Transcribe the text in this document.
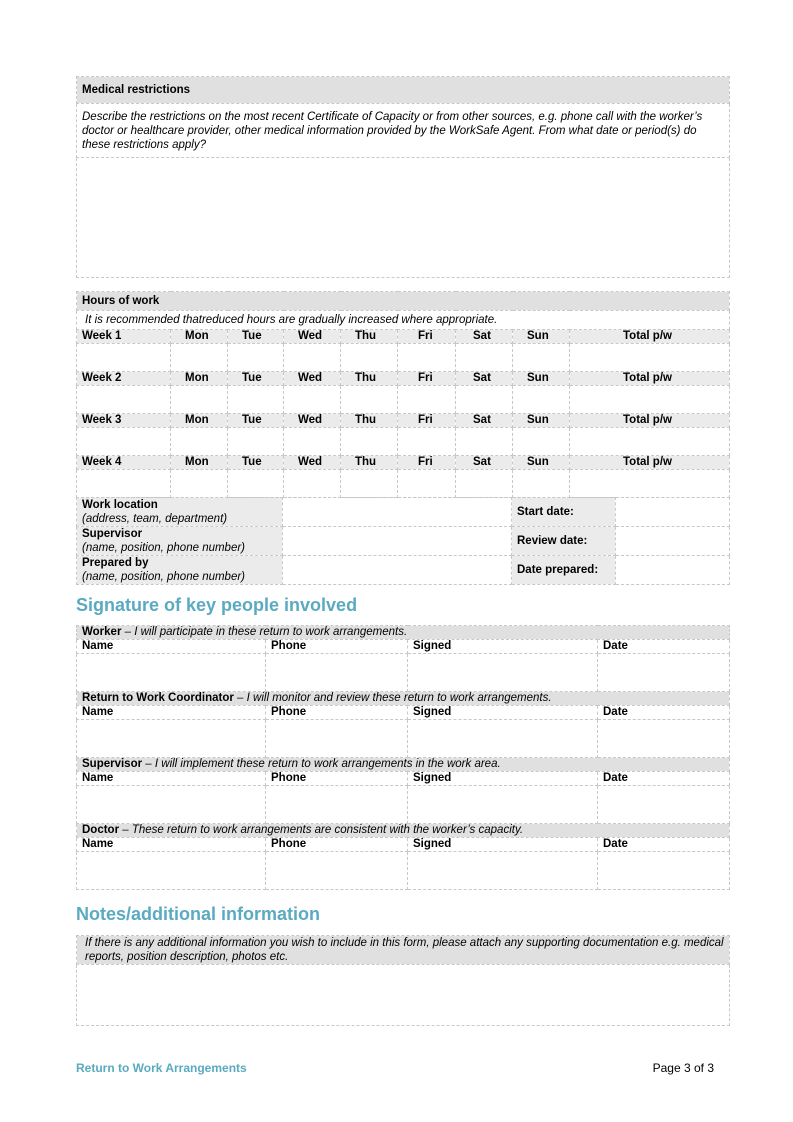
Medical restrictions
Describe the restrictions on the most recent Certificate of Capacity or from other sources, e.g. phone call with the worker’s doctor or healthcare provider, other medical information provided by the WorkSafe Agent. From what date or period(s) do these restrictions apply?

Hours of work								
It is recommended thatreduced hours are gradually increased where appropriate.								
Week 1	Mon	Tue	Wed	Thu	Fri	Sat	Sun	Total p/w

Week 2	Mon	Tue	Wed	Thu	Fri	Sat	Sun	Total p/w

Week 3	Mon	Tue	Wed	Thu	Fri	Sat	Sun	Total p/w

Week 4	Mon	Tue	Wed	Thu	Fri	Sat	Sun	Total p/w

Work location
(address, team, department)		Start date:	

Supervisor
(name, position, phone number)		Review date:	

Prepared by
(name, position, phone number)		Date prepared:	
Signature of key people involved
Worker – I will participate in these return to work arrangements.			
Name	Phone	Signed	Date

Return to Work Coordinator – I will monitor and review these return to work arrangements.			
Name	Phone	Signed	Date

Supervisor – I will implement these return to work arrangements in the work area.			
Name	Phone	Signed	Date

Doctor – These return to work arrangements are consistent with the worker’s capacity.			
Name	Phone	Signed	Date

Notes/additional information
If there is any additional information you wish to include in this form, please attach any supporting documentation e.g. medical reports, position description, photos etc.

Return to Work Arrangements	Page 3 of 3
